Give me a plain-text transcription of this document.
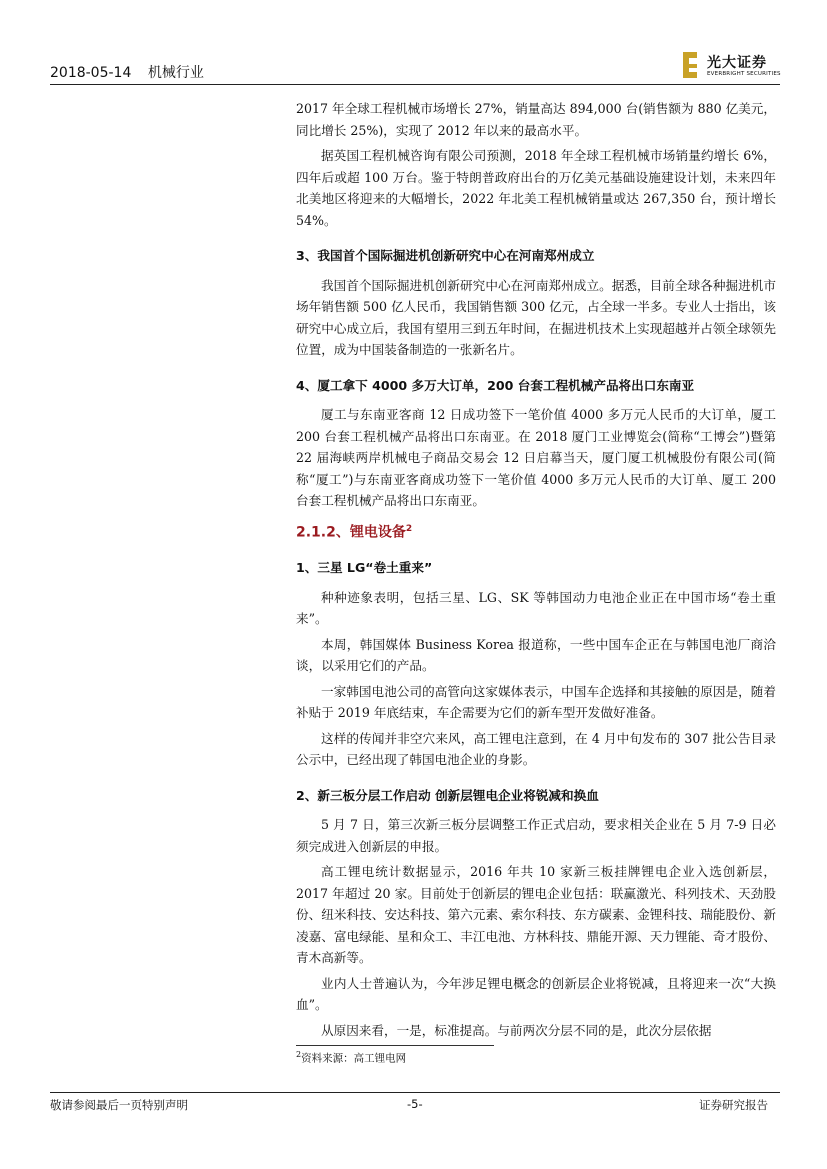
2018-05-14 机械行业
光大证券
EVERBRIGHT SECURITIES
2017 年全球工程机械市场增长 27%，销量高达 894,000 台(销售额为 880 亿美元，同比增长 25%)，实现了 2012 年以来的最高水平。
据英国工程机械咨询有限公司预测，2018 年全球工程机械市场销量约增长 6%，四年后或超 100 万台。鉴于特朗普政府出台的万亿美元基础设施建设计划，未来四年北美地区将迎来的大幅增长，2022 年北美工程机械销量或达 267,350 台，预计增长 54%。
3、我国首个国际掘进机创新研究中心在河南郑州成立
我国首个国际掘进机创新研究中心在河南郑州成立。据悉，目前全球各种掘进机市场年销售额 500 亿人民币，我国销售额 300 亿元，占全球一半多。专业人士指出，该研究中心成立后，我国有望用三到五年时间，在掘进机技术上实现超越并占领全球领先位置，成为中国装备制造的一张新名片。
4、厦工拿下 4000 多万大订单，200 台套工程机械产品将出口东南亚
厦工与东南亚客商 12 日成功签下一笔价值 4000 多万元人民币的大订单，厦工 200 台套工程机械产品将出口东南亚。在 2018 厦门工业博览会(简称“工博会”)暨第 22 届海峡两岸机械电子商品交易会 12 日启幕当天，厦门厦工机械股份有限公司(简称“厦工”)与东南亚客商成功签下一笔价值 4000 多万元人民币的大订单、厦工 200 台套工程机械产品将出口东南亚。
2.1.2、锂电设备$^2$
1、三星 LG“卷土重来”
种种迹象表明，包括三星、LG、SK 等韩国动力电池企业正在中国市场“卷土重来”。
本周，韩国媒体 Business Korea 报道称，一些中国车企正在与韩国电池厂商洽谈，以采用它们的产品。
一家韩国电池公司的高管向这家媒体表示，中国车企选择和其接触的原因是，随着补贴于 2019 年底结束，车企需要为它们的新车型开发做好准备。
这样的传闻并非空穴来风，高工锂电注意到，在 4 月中旬发布的 307 批公告目录公示中，已经出现了韩国电池企业的身影。
2、新三板分层工作启动 创新层锂电企业将锐减和换血
5 月 7 日，第三次新三板分层调整工作正式启动，要求相关企业在 5 月 7-9 日必须完成进入创新层的申报。
高工锂电统计数据显示，2016 年共 10 家新三板挂牌锂电企业入选创新层，2017 年超过 20 家。目前处于创新层的锂电企业包括：联赢激光、科列技术、天劲股份、纽米科技、安达科技、第六元素、索尔科技、东方碳素、金锂科技、瑞能股份、新凌嘉、富电绿能、星和众工、丰江电池、方林科技、鼎能开源、天力锂能、奇才股份、青木高新等。
业内人士普遍认为，今年涉足锂电概念的创新层企业将锐减，且将迎来一次“大换血”。
从原因来看，一是，标准提高。与前两次分层不同的是，此次分层依据
$^2$资料来源：高工锂电网
敬请参阅最后一页特别声明	-5-	证券研究报告
